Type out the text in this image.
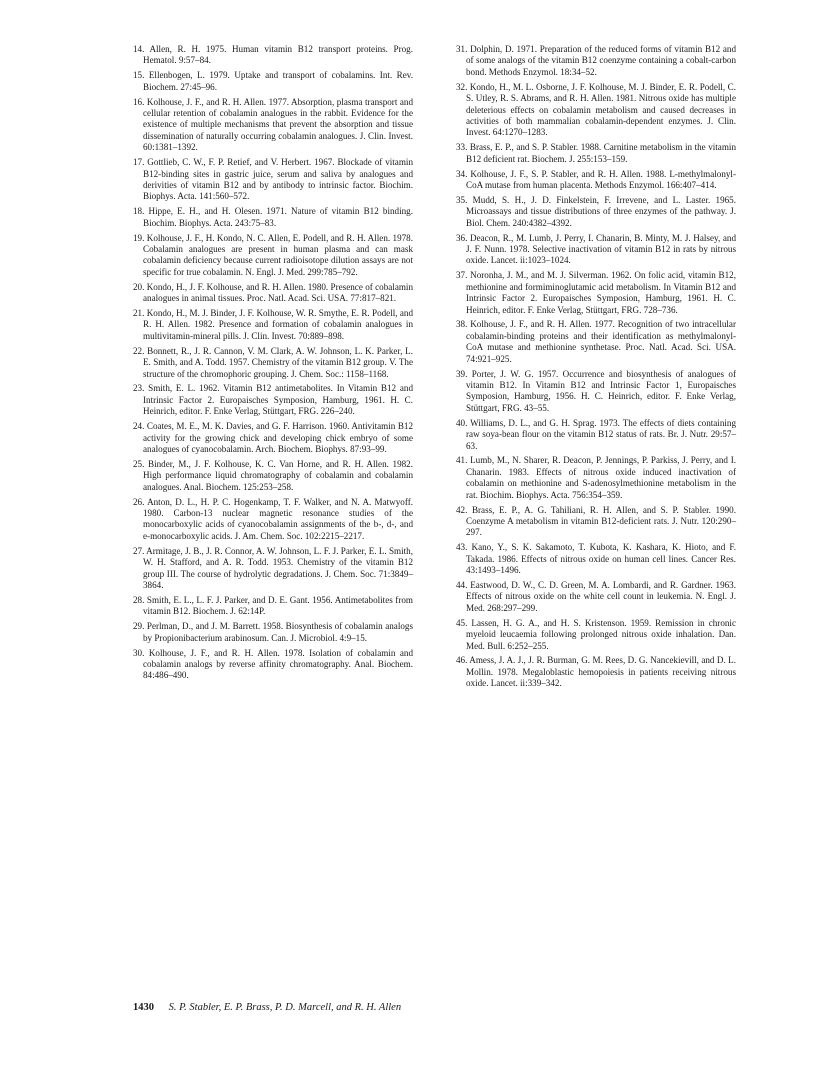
14. Allen, R. H. 1975. Human vitamin B12 transport proteins. Prog. Hematol. 9:57–84.

15. Ellenbogen, L. 1979. Uptake and transport of cobalamins. Int. Rev. Biochem. 27:45–96.

16. Kolhouse, J. F., and R. H. Allen. 1977. Absorption, plasma transport and cellular retention of cobalamin analogues in the rabbit. Evidence for the existence of multiple mechanisms that prevent the absorption and tissue dissemination of naturally occurring cobalamin analogues. J. Clin. Invest. 60:1381–1392.

17. Gottlieb, C. W., F. P. Retief, and V. Herbert. 1967. Blockade of vitamin B12-binding sites in gastric juice, serum and saliva by analogues and derivities of vitamin B12 and by antibody to intrinsic factor. Biochim. Biophys. Acta. 141:560–572.

18. Hippe, E. H., and H. Olesen. 1971. Nature of vitamin B12 binding. Biochim. Biophys. Acta. 243:75–83.

19. Kolhouse, J. F., H. Kondo, N. C. Allen, E. Podell, and R. H. Allen. 1978. Cobalamin analogues are present in human plasma and can mask cobalamin deficiency because current radioisotope dilution assays are not specific for true cobalamin. N. Engl. J. Med. 299:785–792.

20. Kondo, H., J. F. Kolhouse, and R. H. Allen. 1980. Presence of cobalamin analogues in animal tissues. Proc. Natl. Acad. Sci. USA. 77:817–821.

21. Kondo, H., M. J. Binder, J. F. Kolhouse, W. R. Smythe, E. R. Podell, and R. H. Allen. 1982. Presence and formation of cobalamin analogues in multivitamin-mineral pills. J. Clin. Invest. 70:889–898.

22. Bonnett, R., J. R. Cannon, V. M. Clark, A. W. Johnson, L. K. Parker, L. E. Smith, and A. Todd. 1957. Chemistry of the vitamin B12 group. V. The structure of the chromophoric grouping. J. Chem. Soc.: 1158–1168.

23. Smith, E. L. 1962. Vitamin B12 antimetabolites. In Vitamin B12 and Intrinsic Factor 2. Europaisches Symposion, Hamburg, 1961. H. C. Heinrich, editor. F. Enke Verlag, Stüttgart, FRG. 226–240.

24. Coates, M. E., M. K. Davies, and G. F. Harrison. 1960. Antivitamin B12 activity for the growing chick and developing chick embryo of some analogues of cyanocobalamin. Arch. Biochem. Biophys. 87:93–99.

25. Binder, M., J. F. Kolhouse, K. C. Van Horne, and R. H. Allen. 1982. High performance liquid chromatography of cobalamin and cobalamin analogues. Anal. Biochem. 125:253–258.

26. Anton, D. L., H. P. C. Hogenkamp, T. F. Walker, and N. A. Matwyoff. 1980. Carbon-13 nuclear magnetic resonance studies of the monocarboxylic acids of cyanocobalamin assignments of the b-, d-, and e-monocarboxylic acids. J. Am. Chem. Soc. 102:2215–2217.

27. Armitage, J. B., J. R. Connor, A. W. Johnson, L. F. J. Parker, E. L. Smith, W. H. Stafford, and A. R. Todd. 1953. Chemistry of the vitamin B12 group III. The course of hydrolytic degradations. J. Chem. Soc. 71:3849–3864.

28. Smith, E. L., L. F. J. Parker, and D. E. Gant. 1956. Antimetabolites from vitamin B12. Biochem. J. 62:14P.

29. Perlman, D., and J. M. Barrett. 1958. Biosynthesis of cobalamin analogs by Propionibacterium arabinosum. Can. J. Microbiol. 4:9–15.

30. Kolhouse, J. F., and R. H. Allen. 1978. Isolation of cobalamin and cobalamin analogs by reverse affinity chromatography. Anal. Biochem. 84:486–490.

31. Dolphin, D. 1971. Preparation of the reduced forms of vitamin B12 and of some analogs of the vitamin B12 coenzyme containing a cobalt-carbon bond. Methods Enzymol. 18:34–52.

32. Kondo, H., M. L. Osborne, J. F. Kolhouse, M. J. Binder, E. R. Podell, C. S. Utley, R. S. Abrams, and R. H. Allen. 1981. Nitrous oxide has multiple deleterious effects on cobalamin metabolism and caused decreases in activities of both mammalian cobalamin-dependent enzymes. J. Clin. Invest. 64:1270–1283.

33. Brass, E. P., and S. P. Stabler. 1988. Carnitine metabolism in the vitamin B12 deficient rat. Biochem. J. 255:153–159.

34. Kolhouse, J. F., S. P. Stabler, and R. H. Allen. 1988. L-methylmalonyl-CoA mutase from human placenta. Methods Enzymol. 166:407–414.

35. Mudd, S. H., J. D. Finkelstein, F. Irrevene, and L. Laster. 1965. Microassays and tissue distributions of three enzymes of the pathway. J. Biol. Chem. 240:4382–4392.

36. Deacon, R., M. Lumb, J. Perry, I. Chanarin, B. Minty, M. J. Halsey, and J. F. Nunn. 1978. Selective inactivation of vitamin B12 in rats by nitrous oxide. Lancet. ii:1023–1024.

37. Noronha, J. M., and M. J. Silverman. 1962. On folic acid, vitamin B12, methionine and formiminoglutamic acid metabolism. In Vitamin B12 and Intrinsic Factor 2. Europaisches Symposion, Hamburg, 1961. H. C. Heinrich, editor. F. Enke Verlag, Stüttgart, FRG. 728–736.

38. Kolhouse, J. F., and R. H. Allen. 1977. Recognition of two intracellular cobalamin-binding proteins and their identification as methylmalonyl-CoA mutase and methionine synthetase. Proc. Natl. Acad. Sci. USA. 74:921–925.

39. Porter, J. W. G. 1957. Occurrence and biosynthesis of analogues of vitamin B12. In Vitamin B12 and Intrinsic Factor 1, Europaisches Symposion, Hamburg, 1956. H. C. Heinrich, editor. F. Enke Verlag, Stüttgart, FRG. 43–55.

40. Williams, D. L., and G. H. Sprag. 1973. The effects of diets containing raw soya-bean flour on the vitamin B12 status of rats. Br. J. Nutr. 29:57–63.

41. Lumb, M., N. Sharer, R. Deacon, P. Jennings, P. Parkiss, J. Perry, and I. Chanarin. 1983. Effects of nitrous oxide induced inactivation of cobalamin on methionine and S-adenosylmethionine metabolism in the rat. Biochim. Biophys. Acta. 756:354–359.

42. Brass, E. P., A. G. Tahiliani, R. H. Allen, and S. P. Stabler. 1990. Coenzyme A metabolism in vitamin B12-deficient rats. J. Nutr. 120:290–297.

43. Kano, Y., S. K. Sakamoto, T. Kubota, K. Kashara, K. Hioto, and F. Takada. 1986. Effects of nitrous oxide on human cell lines. Cancer Res. 43:1493–1496.

44. Eastwood, D. W., C. D. Green, M. A. Lombardi, and R. Gardner. 1963. Effects of nitrous oxide on the white cell count in leukemia. N. Engl. J. Med. 268:297–299.

45. Lassen, H. G. A., and H. S. Kristenson. 1959. Remission in chronic myeloid leucaemia following prolonged nitrous oxide inhalation. Dan. Med. Bull. 6:252–255.

46. Amess, J. A. J., J. R. Burman, G. M. Rees, D. G. Nancekievill, and D. L. Mollin. 1978. Megaloblastic hemopoiesis in patients receiving nitrous oxide. Lancet. ii:339–342.

1430 S. P. Stabler, E. P. Brass, P. D. Marcell, and R. H. Allen
